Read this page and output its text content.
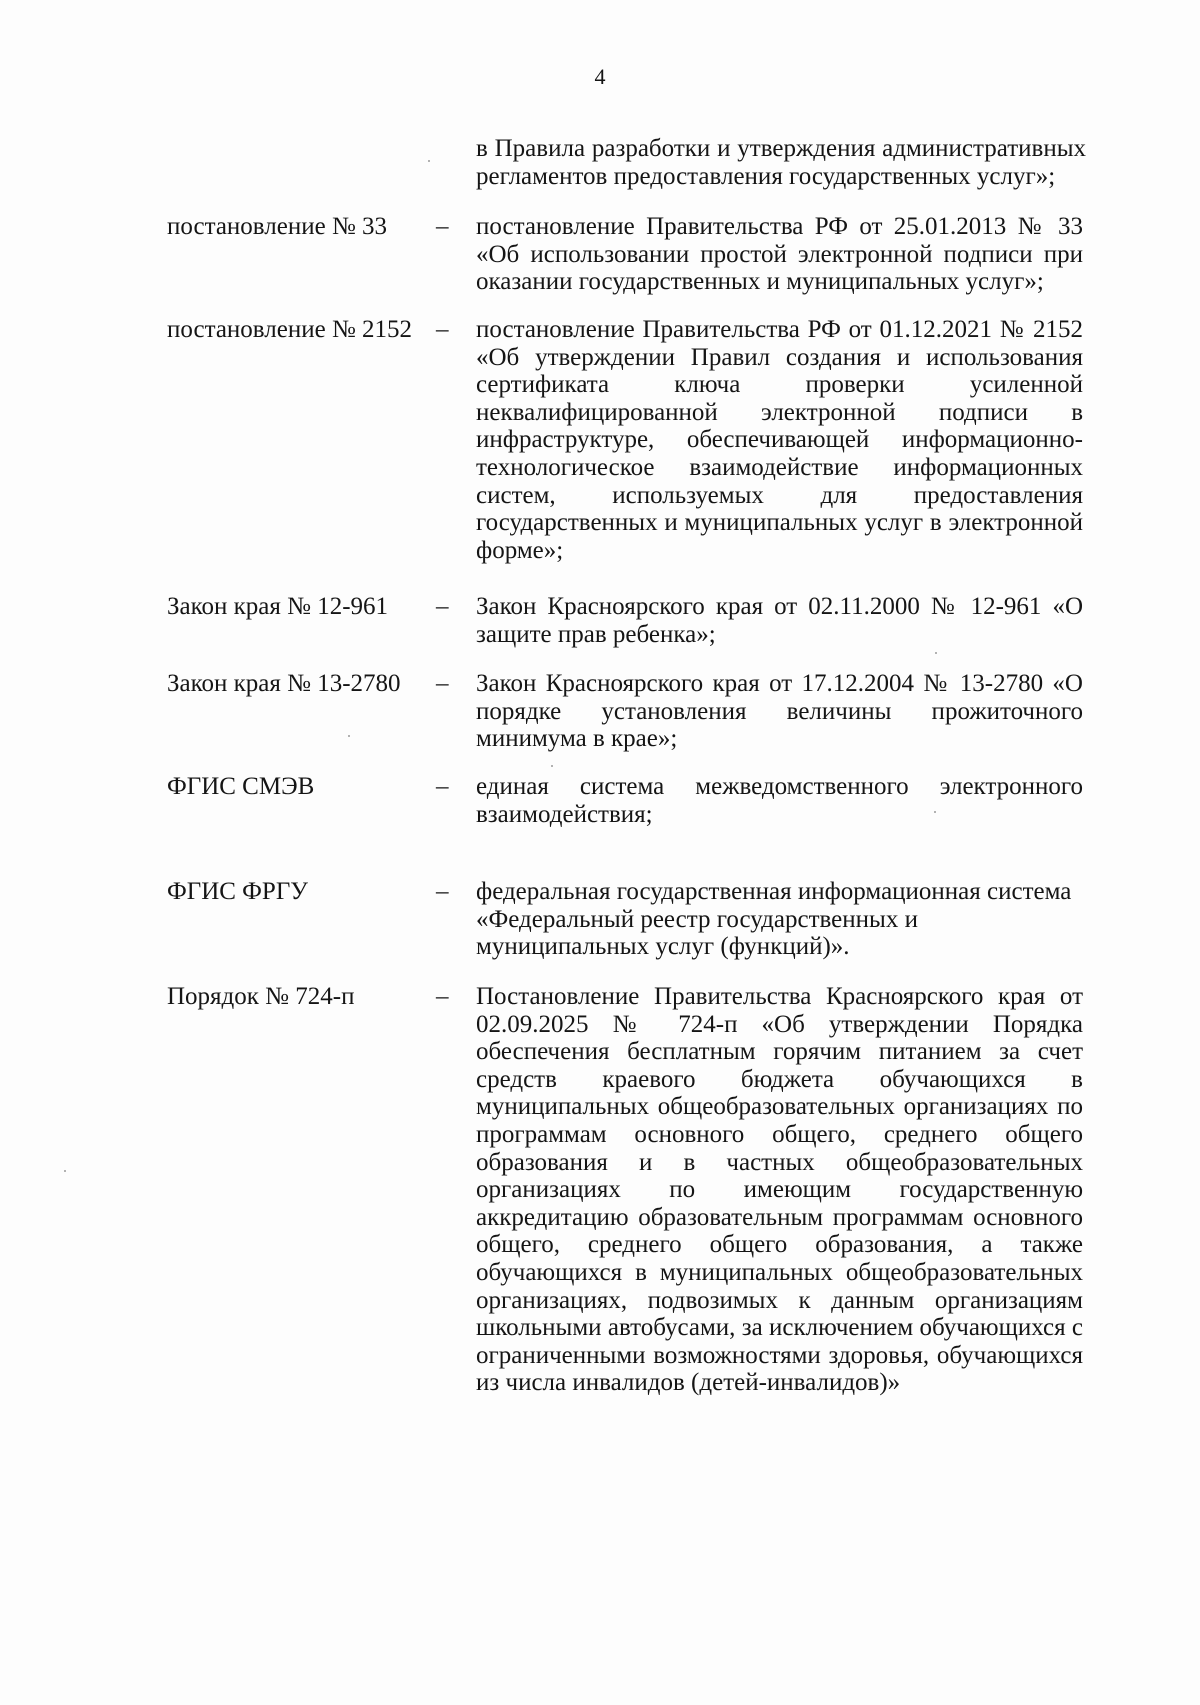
4
в Правила разработки и утверждения административных регламентов предоставления государственных услуг»;
постановление № 33	– постановление Правительства РФ от 25.01.2013 № 33 «Об использовании простой электронной подписи при оказании государственных и муниципальных услуг»;
постановление № 2152 – постановление Правительства РФ от 01.12.2021 № 2152 «Об утверждении Правил создания и использования сертификата ключа проверки усиленной неквалифицированной электронной подписи в инфраструктуре, обеспечивающей информационно-технологическое взаимодействие информационных систем, используемых для предоставления государственных и муниципальных услуг в электронной форме»;
Закон края № 12-961	– Закон Красноярского края от 02.11.2000 № 12-961 «О защите прав ребенка»;
Закон края № 13-2780	– Закон Красноярского края от 17.12.2004 № 13-2780 «О порядке установления величины прожиточного минимума в крае»;
ФГИС СМЭВ	– единая система межведомственного электронного взаимодействия;
ФГИС ФРГУ	– федеральная государственная информационная система «Федеральный реестр государственных и муниципальных услуг (функций)».
Порядок № 724-п	– Постановление Правительства Красноярского края от 02.09.2025 № 724-п «Об утверждении Порядка обеспечения бесплатным горячим питанием за счет средств краевого бюджета обучающихся в муниципальных общеобразовательных организациях по программам основного общего, среднего общего образования и в частных общеобразовательных организациях по имеющим государственную аккредитацию образовательным программам основного общего, среднего общего образования, а также обучающихся в муниципальных общеобразовательных организациях, подвозимых к данным организациям школьными автобусами, за исключением обучающихся с ограниченными возможностями здоровья, обучающихся из числа инвалидов (детей-инвалидов)»
